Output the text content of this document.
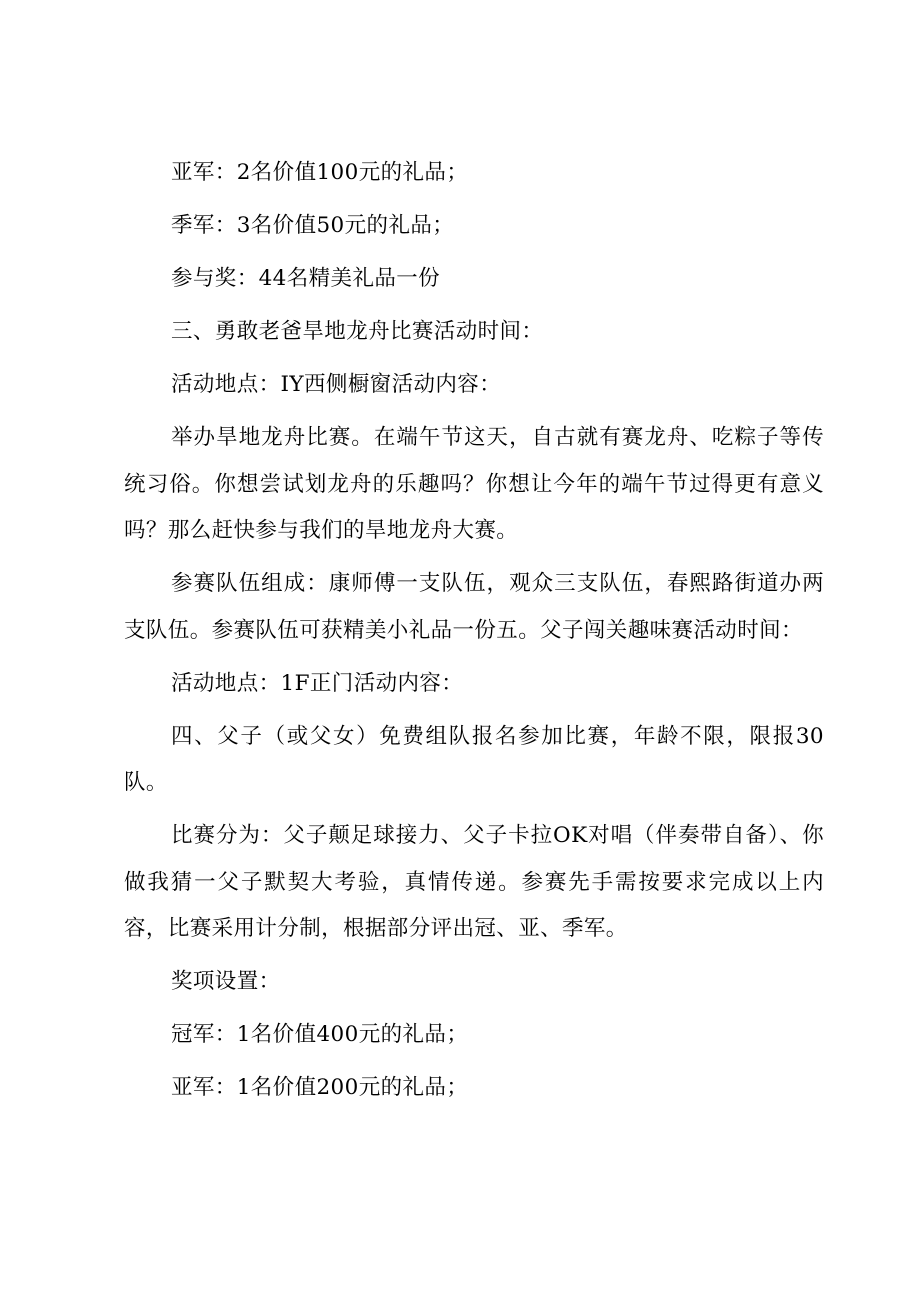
亚军：2名价值100元的礼品；

季军：3名价值50元的礼品；

参与奖：44名精美礼品一份

三、勇敢老爸旱地龙舟比赛活动时间：

活动地点：IY西侧橱窗活动内容：

举办旱地龙舟比赛。在端午节这天，自古就有赛龙舟、吃粽子等传统习俗。你想尝试划龙舟的乐趣吗？你想让今年的端午节过得更有意义吗？那么赶快参与我们的旱地龙舟大赛。

参赛队伍组成：康师傅一支队伍，观众三支队伍，春熙路街道办两支队伍。参赛队伍可获精美小礼品一份五。父子闯关趣味赛活动时间：

活动地点：1F正门活动内容：

四、父子（或父女）免费组队报名参加比赛，年龄不限，限报30队。

比赛分为：父子颠足球接力、父子卡拉OK对唱（伴奏带自备）、你做我猜一父子默契大考验，真情传递。参赛先手需按要求完成以上内容，比赛采用计分制，根据部分评出冠、亚、季军。

奖项设置：

冠军：1名价值400元的礼品；

亚军：1名价值200元的礼品；
